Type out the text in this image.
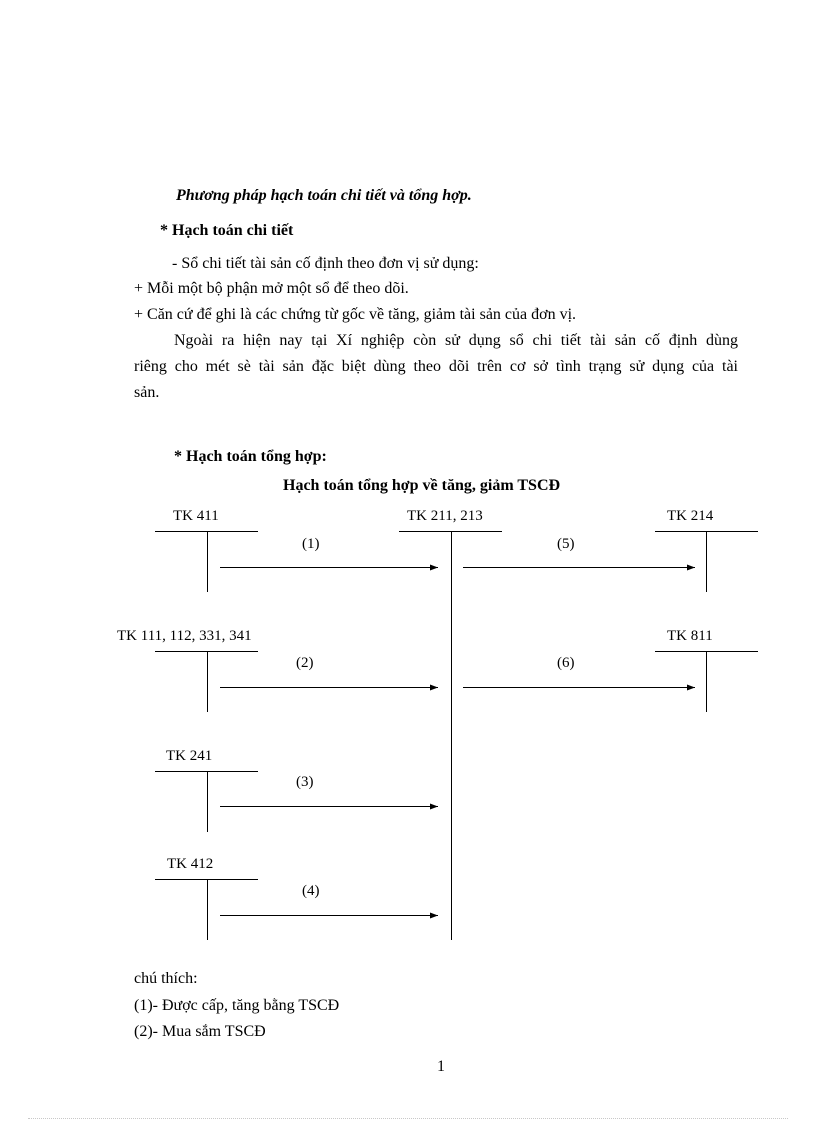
Phương pháp hạch toán chi tiết và tổng hợp.
* Hạch toán chi tiết
- Sổ chi tiết tài sản cố định theo đơn vị sử dụng:
+ Mỗi một bộ phận mở một sổ để theo dõi.
+ Căn cứ để ghi là các chứng từ gốc về tăng, giảm tài sản của đơn vị.
Ngoài ra hiện nay tại Xí nghiệp còn sử dụng sổ chi tiết tài sản cố định dùng
riêng cho mét sè tài sản đặc biệt dùng theo dõi trên cơ sở tình trạng sử dụng của tài
sản.
* Hạch toán tổng hợp:
Hạch toán tổng hợp về tăng, giảm TSCĐ
TK 411	TK 211, 213	TK 214
TK 111, 112, 331, 341	TK 811
TK 241
TK 412
(1)	(5)
(2)	(6)
(3)
(4)
chú thích:
(1)- Được cấp, tăng bằng TSCĐ
(2)- Mua sắm TSCĐ
1
